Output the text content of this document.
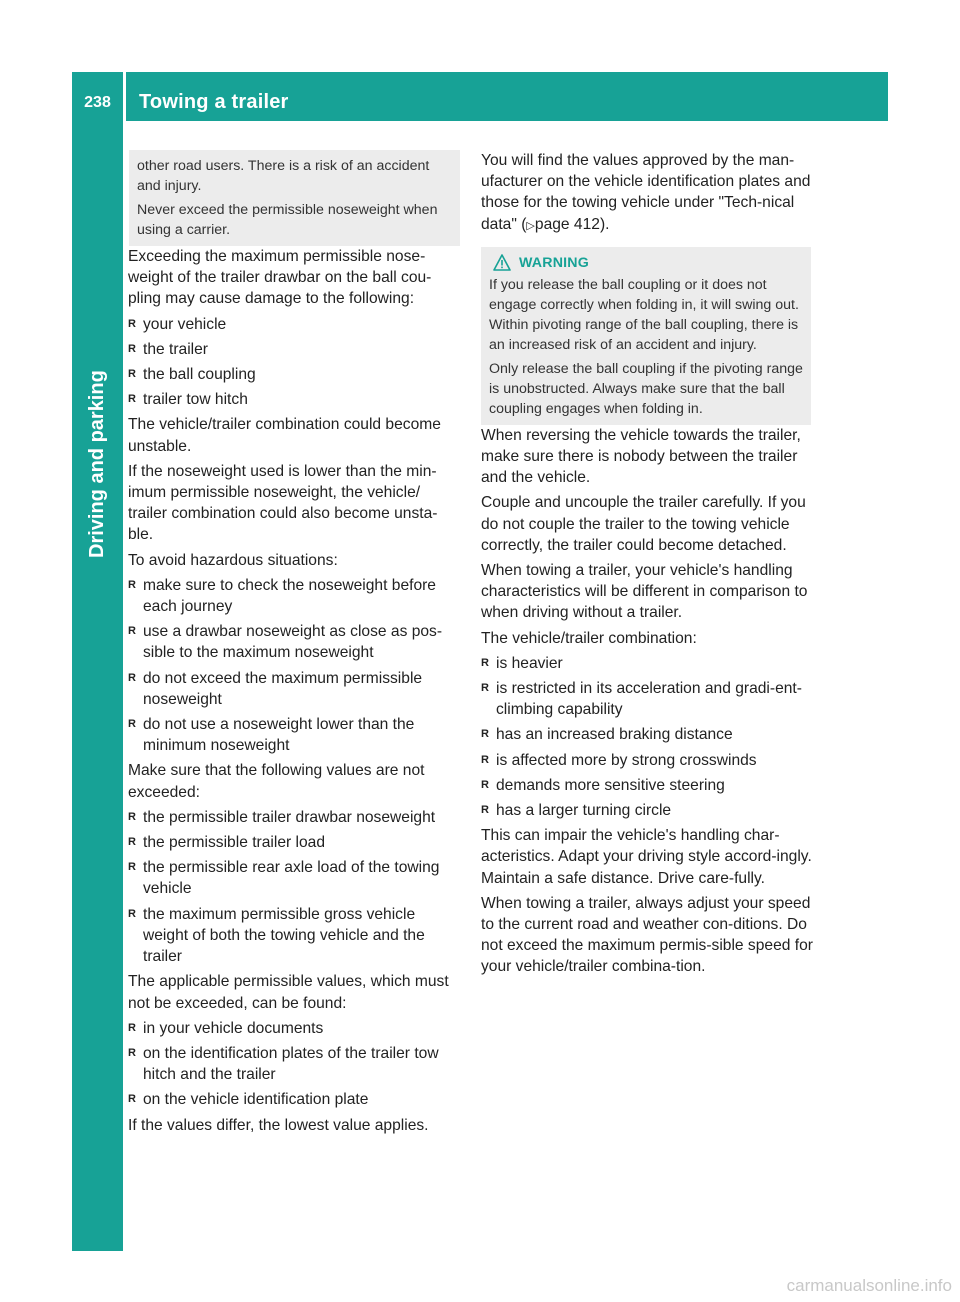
238	Towing a trailer
Driving and parking

other road users. There is a risk of an accident and injury.

Never exceed the permissible noseweight when using a carrier.

Exceeding the maximum permissible nose-weight of the trailer drawbar on the ball cou-pling may cause damage to the following:

R your vehicle
R the trailer
R the ball coupling
R trailer tow hitch

The vehicle/trailer combination could become unstable.

If the noseweight used is lower than the min-imum permissible noseweight, the vehicle/ trailer combination could also become unsta-ble.

To avoid hazardous situations:

R make sure to check the noseweight before each journey
R use a drawbar noseweight as close as pos-sible to the maximum noseweight
R do not exceed the maximum permissible noseweight
R do not use a noseweight lower than the minimum noseweight

Make sure that the following values are not exceeded:

R the permissible trailer drawbar noseweight
R the permissible trailer load
R the permissible rear axle load of the towing vehicle
R the maximum permissible gross vehicle weight of both the towing vehicle and the trailer

The applicable permissible values, which must not be exceeded, can be found:

R in your vehicle documents
R on the identification plates of the trailer tow hitch and the trailer
R on the vehicle identification plate

If the values differ, the lowest value applies.

You will find the values approved by the man-ufacturer on the vehicle identification plates and those for the towing vehicle under "Tech-nical data" (▷page 412).

WARNING

If you release the ball coupling or it does not engage correctly when folding in, it will swing out. Within pivoting range of the ball coupling, there is an increased risk of an accident and injury.

Only release the ball coupling if the pivoting range is unobstructed. Always make sure that the ball coupling engages when folding in.

When reversing the vehicle towards the trailer, make sure there is nobody between the trailer and the vehicle.

Couple and uncouple the trailer carefully. If you do not couple the trailer to the towing vehicle correctly, the trailer could become detached.

When towing a trailer, your vehicle's handling characteristics will be different in comparison to when driving without a trailer.

The vehicle/trailer combination:

R is heavier
R is restricted in its acceleration and gradi-ent-climbing capability
R has an increased braking distance
R is affected more by strong crosswinds
R demands more sensitive steering
R has a larger turning circle

This can impair the vehicle's handling char-acteristics. Adapt your driving style accord-ingly. Maintain a safe distance. Drive care-fully.

When towing a trailer, always adjust your speed to the current road and weather con-ditions. Do not exceed the maximum permis-sible speed for your vehicle/trailer combina-tion.

carmanualsonline.info
